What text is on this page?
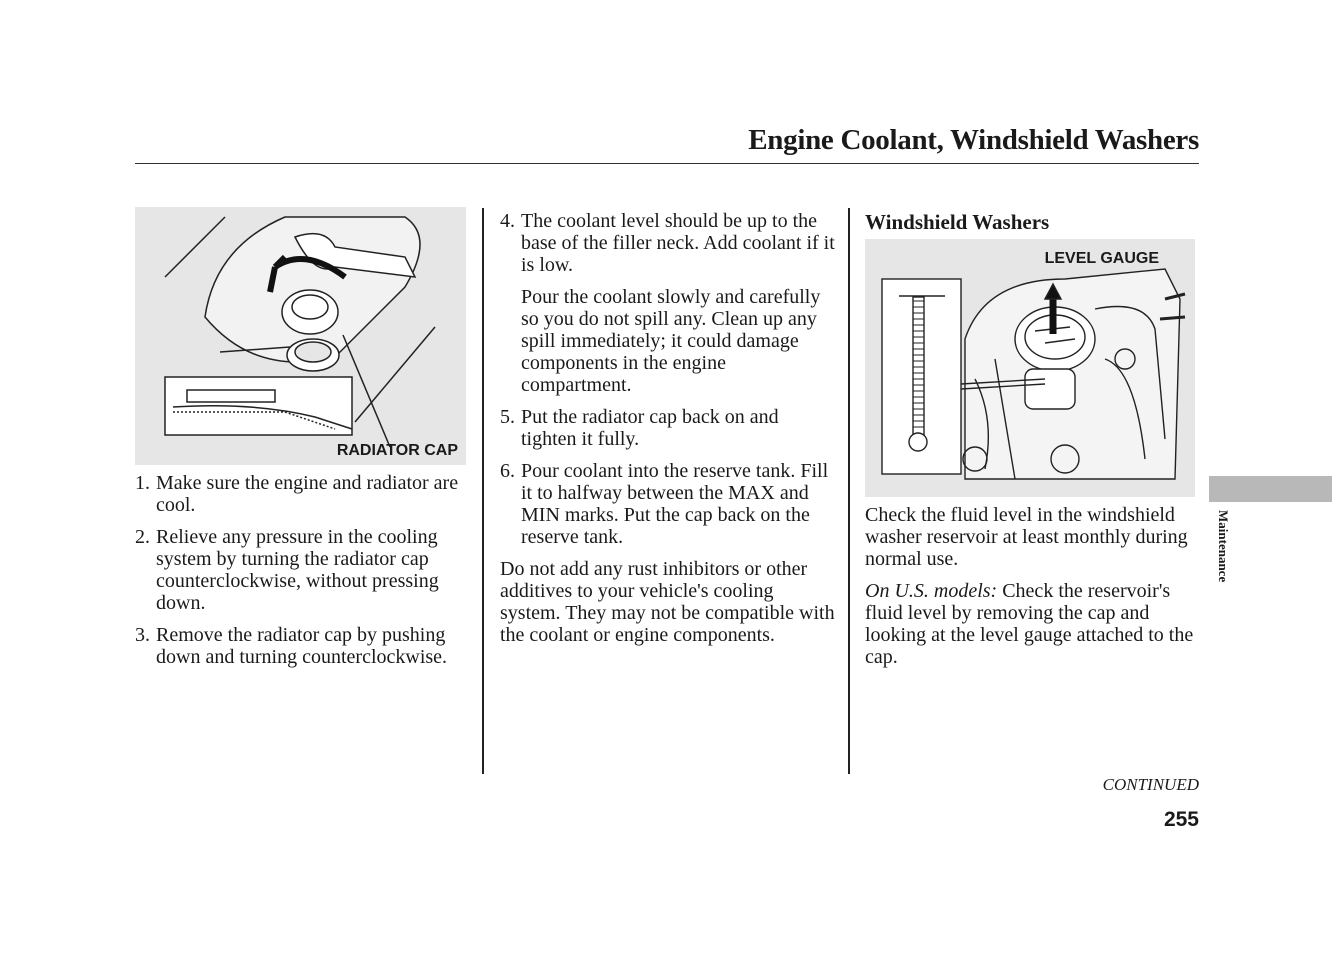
Engine Coolant, Windshield Washers
RADIATOR CAP
1. Make sure the engine and radiator are cool.
2. Relieve any pressure in the cooling system by turning the radiator cap counterclockwise, without pressing down.
3. Remove the radiator cap by pushing down and turning counterclockwise.
4. The coolant level should be up to the base of the filler neck. Add coolant if it is low.

Pour the coolant slowly and carefully so you do not spill any. Clean up any spill immediately; it could damage components in the engine compartment.

5. Put the radiator cap back on and tighten it fully.
6. Pour coolant into the reserve tank. Fill it to halfway between the MAX and MIN marks. Put the cap back on the reserve tank.

Do not add any rust inhibitors or other additives to your vehicle's cooling system. They may not be compatible with the coolant or engine components.

Windshield Washers
LEVEL GAUGE

Check the fluid level in the windshield washer reservoir at least monthly during normal use.

On U.S. models: Check the reservoir's fluid level by removing the cap and looking at the level gauge attached to the cap.

Maintenance
CONTINUED
255
